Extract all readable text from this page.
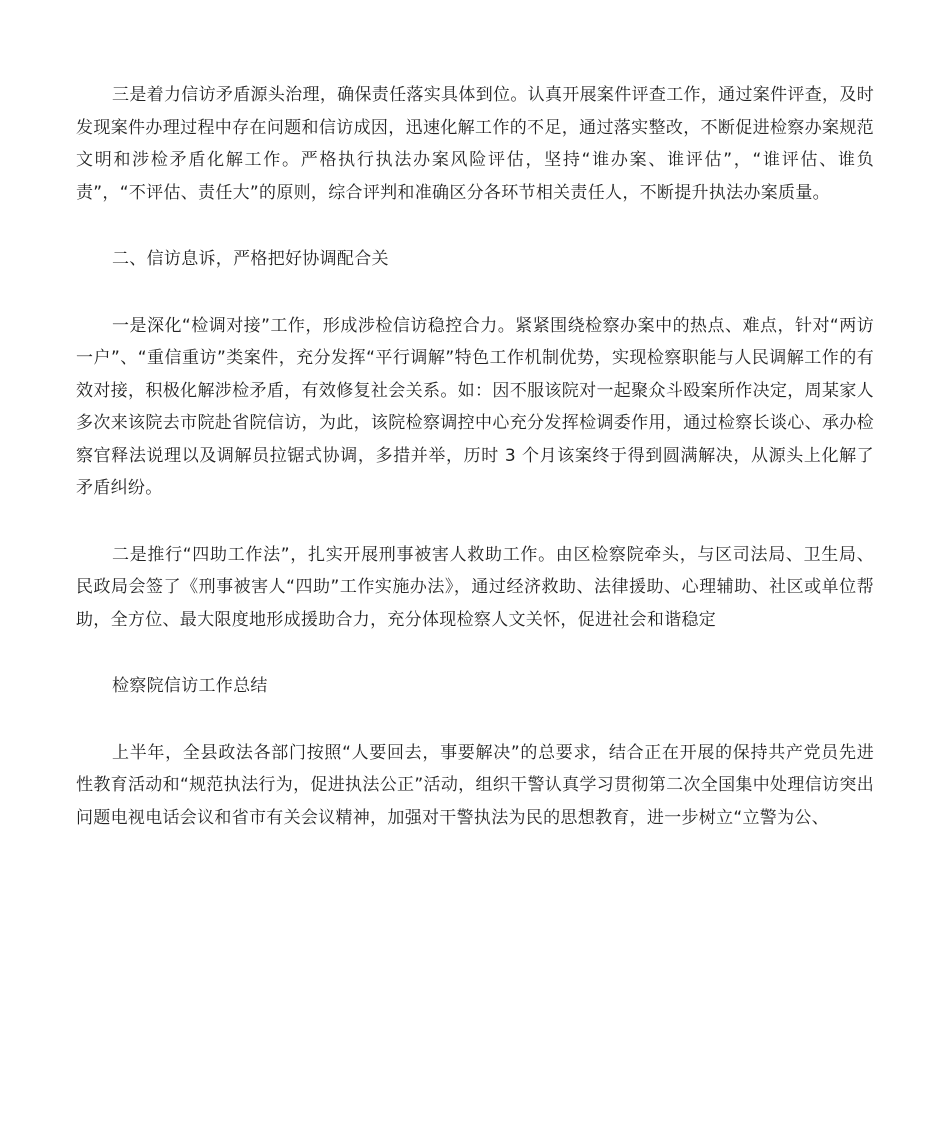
三是着力信访矛盾源头治理，确保责任落实具体到位。认真开展案件评查工作，通过案件评查，及时发现案件办理过程中存在问题和信访成因，迅速化解工作的不足，通过落实整改，不断促进检察办案规范文明和涉检矛盾化解工作。严格执行执法办案风险评估，坚持“谁办案、谁评估”，“谁评估、谁负责”，“不评估、责任大”的原则，综合评判和准确区分各环节相关责任人，不断提升执法办案质量。

二、信访息诉，严格把好协调配合关

一是深化“检调对接”工作，形成涉检信访稳控合力。紧紧围绕检察办案中的热点、难点，针对“两访一户”、“重信重访”类案件，充分发挥“平行调解”特色工作机制优势，实现检察职能与人民调解工作的有效对接，积极化解涉检矛盾，有效修复社会关系。如：因不服该院对一起聚众斗殴案所作决定，周某家人多次来该院去市院赴省院信访，为此，该院检察调控中心充分发挥检调委作用，通过检察长谈心、承办检察官释法说理以及调解员拉锯式协调，多措并举，历时 3 个月该案终于得到圆满解决，从源头上化解了矛盾纠纷。

二是推行“四助工作法”，扎实开展刑事被害人救助工作。由区检察院牵头，与区司法局、卫生局、民政局会签了《刑事被害人“四助”工作实施办法》，通过经济救助、法律援助、心理辅助、社区或单位帮助，全方位、最大限度地形成援助合力，充分体现检察人文关怀，促进社会和谐稳定

检察院信访工作总结

上半年，全县政法各部门按照“人要回去，事要解决”的总要求，结合正在开展的保持共产党员先进性教育活动和“规范执法行为，促进执法公正”活动，组织干警认真学习贯彻第二次全国集中处理信访突出问题电视电话会议和省市有关会议精神，加强对干警执法为民的思想教育，进一步树立“立警为公、
